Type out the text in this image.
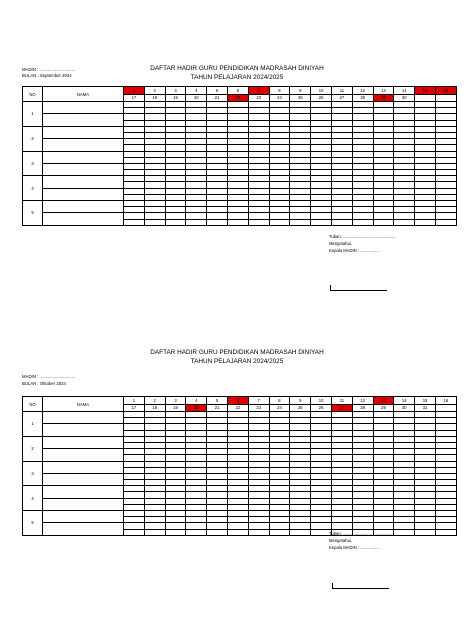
DAFTAR HADIR GURU PENDIDIKAN MADRASAH DINIYAH
TAHUN PELAJARAN 2024/2025
MADIN : ..............................
BULAN : September 2024
NO	NAMA	1	2	3	4	5	6	7	8	9	10	11	12	13	14	15	16
		17	18	19	20	21	22	23	24	25	26	27	28	29	30		
1																	

2																	

3																	

4																	

5																	

Tuban, .............................................
Mengetahui,
Kepala MADIN : ................
DAFTAR HADIR GURU PENDIDIKAN MADRASAH DINIYAH
TAHUN PELAJARAN 2024/2025
MADIN : ..............................
BULAN : Oktober 2024
NO	NAMA	1	2	3	4	5	6	7	8	9	10	11	12	13	14	15	16
		17	18	19	20	21	22	23	24	25	26	27	28	29	30	31	
1																	

2																	

3																	

4																	

5																	

Tuban, .............................................
Mengetahui,
Kepala MADIN : ................
